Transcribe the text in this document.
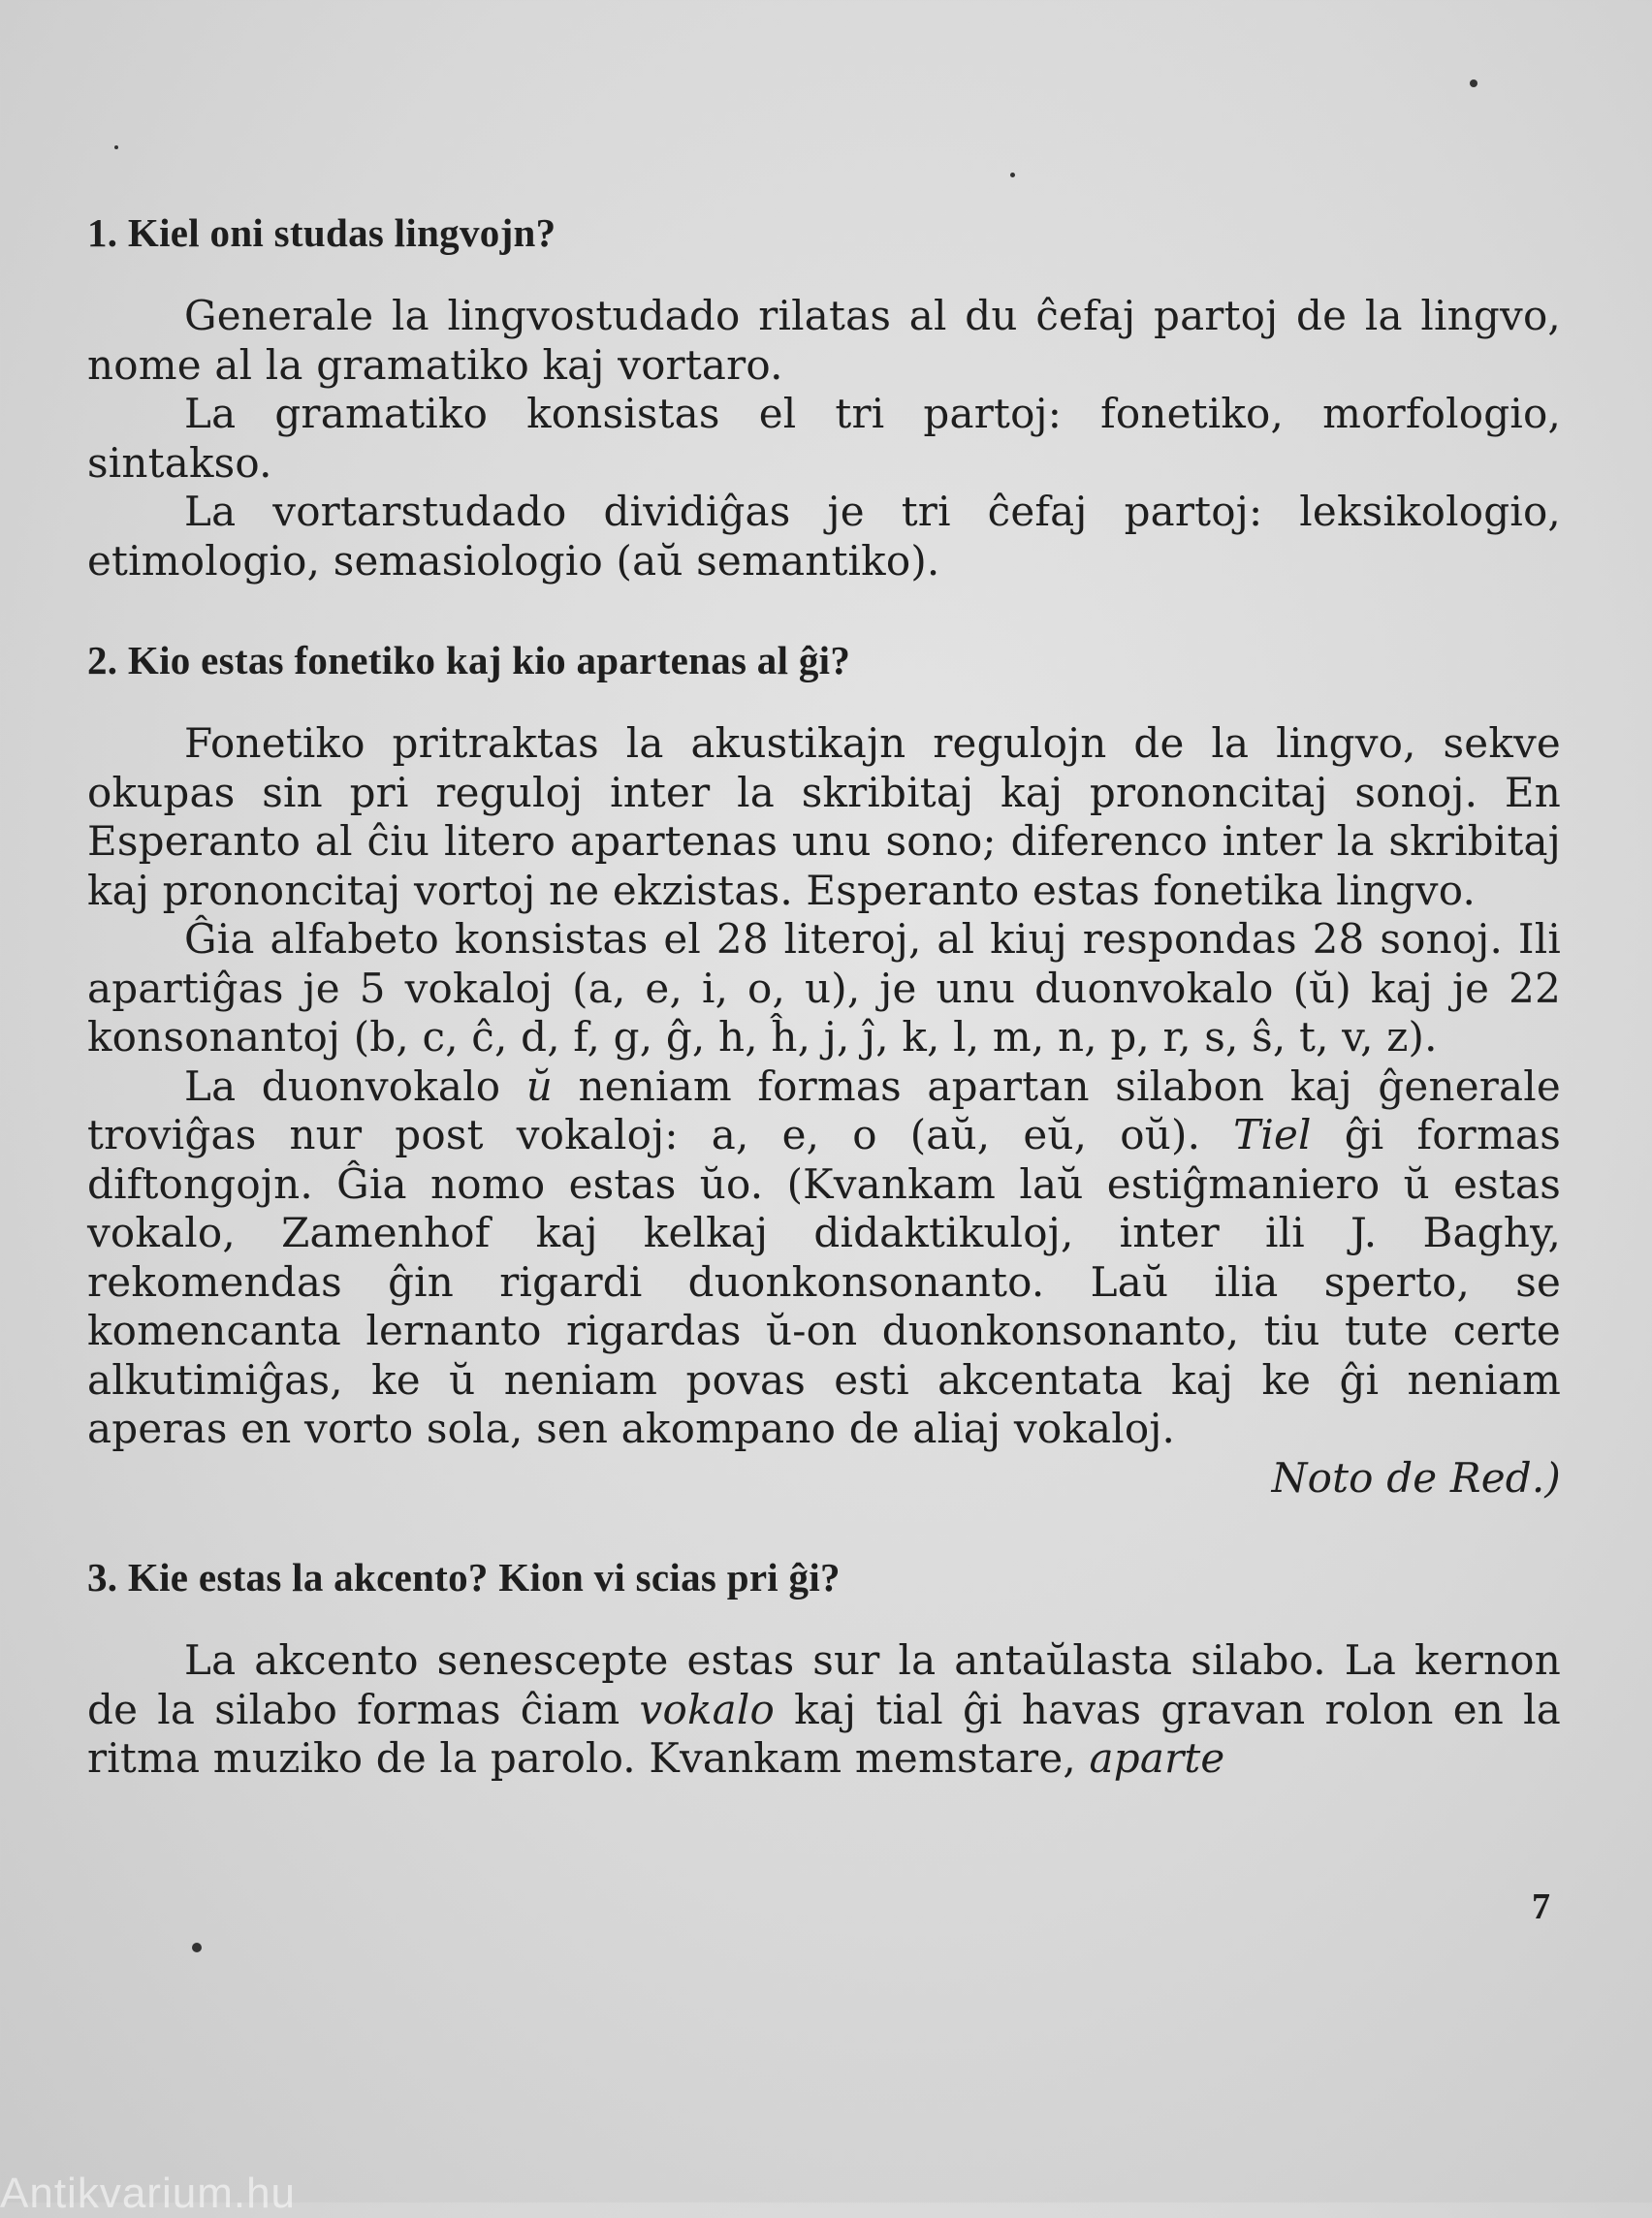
1. Kiel oni studas lingvojn?

Generale la lingvostudado rilatas al du ĉefaj partoj de la lingvo, nome al la gramatiko kaj vortaro.

La gramatiko konsistas el tri partoj: fonetiko, morfologio, sintakso.

La vortarstudado dividiĝas je tri ĉefaj partoj: leksikologio, etimologio, semasiologio (aŭ semantiko).

2. Kio estas fonetiko kaj kio apartenas al ĝi?

Fonetiko pritraktas la akustikajn regulojn de la lingvo, sekve okupas sin pri reguloj inter la skribitaj kaj prononcitaj sonoj. En Esperanto al ĉiu litero apartenas unu sono; diferenco inter la skribitaj kaj prononcitaj vortoj ne ekzistas. Esperanto estas fonetika lingvo.

Ĝia alfabeto konsistas el 28 literoj, al kiuj respondas 28 sonoj. Ili apartiĝas je 5 vokaloj (a, e, i, o, u), je unu duonvokalo (ŭ) kaj je 22 konsonantoj (b, c, ĉ, d, f, g, ĝ, h, ĥ, j, ĵ, k, l, m, n, p, r, s, ŝ, t, v, z).

La duonvokalo ŭ neniam formas apartan silabon kaj ĝenerale troviĝas nur post vokaloj: a, e, o (aŭ, eŭ, oŭ). Tiel ĝi formas diftongojn. Ĝia nomo estas ŭo. (Kvankam laŭ estiĝmaniero ŭ estas vokalo, Zamenhof kaj kelkaj didaktikuloj, inter ili J. Baghy, rekomendas ĝin rigardi duonkonsonanto. Laŭ ilia sperto, se komencanta lernanto rigardas ŭ-on duonkonsonanto, tiu tute certe alkutimiĝas, ke ŭ neniam povas esti akcentata kaj ke ĝi neniam aperas en vorto sola, sen akompano de aliaj vokaloj.
Noto de Red.)

3. Kie estas la akcento? Kion vi scias pri ĝi?

La akcento senescepte estas sur la antaŭlasta silabo. La kernon de la silabo formas ĉiam vokalo kaj tial ĝi havas gravan rolon en la ritma muziko de la parolo. Kvankam memstare, aparte

7
Antikvarium.hu
